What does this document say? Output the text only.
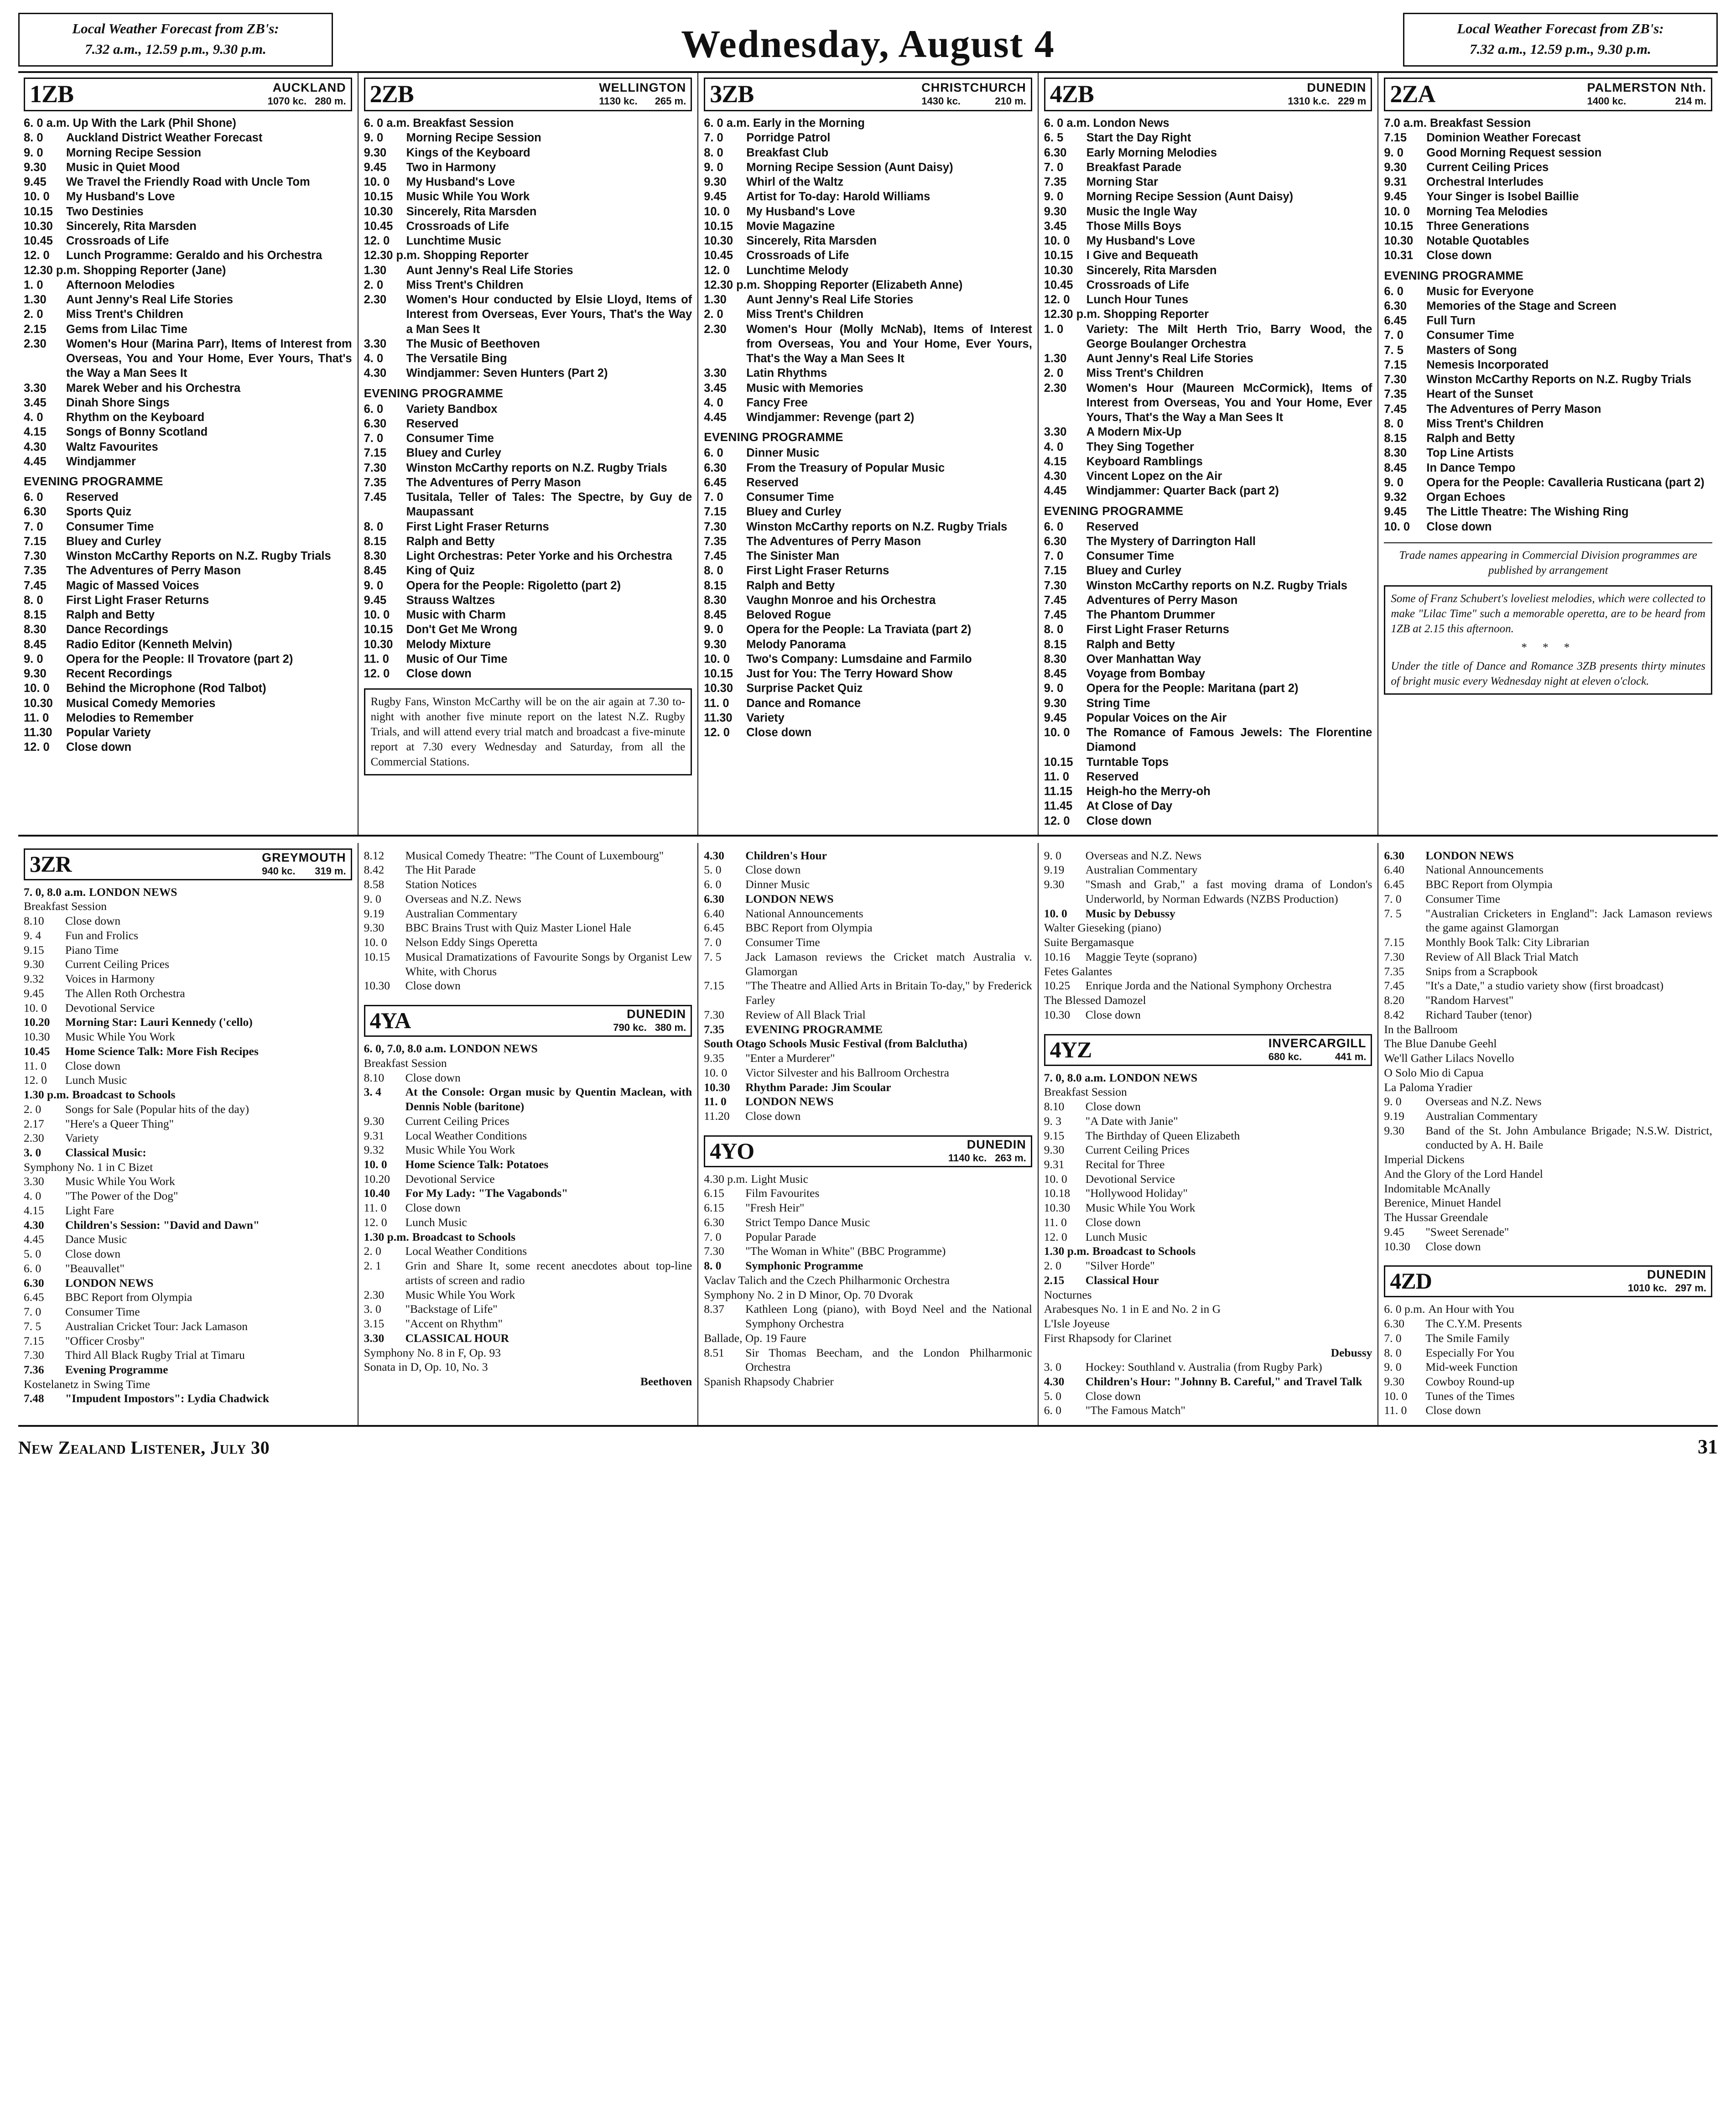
Local Weather Forecast from ZB's:
7.32 a.m., 12.59 p.m., 9.30 p.m.	Wednesday, August 4	Local Weather Forecast from ZB's:
7.32 a.m., 12.59 p.m., 9.30 p.m.
1ZB	AUCKLAND
1070 kc. 280 m.
6. 0 a.m. Up With the Lark (Phil Shone)
8. 0	Auckland District Weather Forecast
9. 0	Morning Recipe Session
9.30	Music in Quiet Mood
9.45	We Travel the Friendly Road with Uncle Tom
10. 0	My Husband's Love
10.15	Two Destinies
10.30	Sincerely, Rita Marsden
10.45	Crossroads of Life
12. 0	Lunch Programme: Geraldo and his Orchestra
12.30 p.m. Shopping Reporter (Jane)
1. 0	Afternoon Melodies
1.30	Aunt Jenny's Real Life Stories
2. 0	Miss Trent's Children
2.15	Gems from Lilac Time
2.30	Women's Hour (Marina Parr), Items of Interest from Overseas, You and Your Home, Ever Yours, That's the Way a Man Sees It
3.30	Marek Weber and his Orchestra
3.45	Dinah Shore Sings
4. 0	Rhythm on the Keyboard
4.15	Songs of Bonny Scotland
4.30	Waltz Favourites
4.45	Windjammer
EVENING PROGRAMME
6. 0	Reserved
6.30	Sports Quiz
7. 0	Consumer Time
7.15	Bluey and Curley
7.30	Winston McCarthy Reports on N.Z. Rugby Trials
7.35	The Adventures of Perry Mason
7.45	Magic of Massed Voices
8. 0	First Light Fraser Returns
8.15	Ralph and Betty
8.30	Dance Recordings
8.45	Radio Editor (Kenneth Melvin)
9. 0	Opera for the People: Il Trovatore (part 2)
9.30	Recent Recordings
10. 0	Behind the Microphone (Rod Talbot)
10.30	Musical Comedy Memories
11. 0	Melodies to Remember
11.30	Popular Variety
12. 0	Close down
2ZB	WELLINGTON
1130 kc. 265 m.
6. 0 a.m. Breakfast Session
9. 0	Morning Recipe Session
9.30	Kings of the Keyboard
9.45	Two in Harmony
10. 0	My Husband's Love
10.15	Music While You Work
10.30	Sincerely, Rita Marsden
10.45	Crossroads of Life
12. 0	Lunchtime Music
12.30 p.m. Shopping Reporter
1.30	Aunt Jenny's Real Life Stories
2. 0	Miss Trent's Children
2.30	Women's Hour conducted by Elsie Lloyd, Items of Interest from Overseas, Ever Yours, That's the Way a Man Sees It
3.30	The Music of Beethoven
4. 0	The Versatile Bing
4.30	Windjammer: Seven Hunters (Part 2)
EVENING PROGRAMME
6. 0	Variety Bandbox
6.30	Reserved
7. 0	Consumer Time
7.15	Bluey and Curley
7.30	Winston McCarthy reports on N.Z. Rugby Trials
7.35	The Adventures of Perry Mason
7.45	Tusitala, Teller of Tales: The Spectre, by Guy de Maupassant
8. 0	First Light Fraser Returns
8.15	Ralph and Betty
8.30	Light Orchestras: Peter Yorke and his Orchestra
8.45	King of Quiz
9. 0	Opera for the People: Rigoletto (part 2)
9.45	Strauss Waltzes
10. 0	Music with Charm
10.15	Don't Get Me Wrong
10.30	Melody Mixture
11. 0	Music of Our Time
12. 0	Close down
Rugby Fans, Winston McCarthy will be on the air again at 7.30 to-night with another five minute report on the latest N.Z. Rugby Trials, and will attend every trial match and broadcast a five-minute report at 7.30 every Wednesday and Saturday, from all the Commercial Stations.
3ZB	CHRISTCHURCH
1430 kc.	210 m.
6. 0 a.m. Early in the Morning
7. 0	Porridge Patrol
8. 0	Breakfast Club
9. 0	Morning Recipe Session (Aunt Daisy)
9.30	Whirl of the Waltz
9.45	Artist for To-day: Harold Williams
10. 0	My Husband's Love
10.15	Movie Magazine
10.30	Sincerely, Rita Marsden
10.45	Crossroads of Life
12. 0	Lunchtime Melody
12.30 p.m. Shopping Reporter (Elizabeth Anne)
1.30	Aunt Jenny's Real Life Stories
2. 0	Miss Trent's Children
2.30	Women's Hour (Molly McNab), Items of Interest from Overseas, You and Your Home, Ever Yours, That's the Way a Man Sees It
3.30	Latin Rhythms
3.45	Music with Memories
4. 0	Fancy Free
4.45	Windjammer: Revenge (part 2)
EVENING PROGRAMME
6. 0	Dinner Music
6.30	From the Treasury of Popular Music
6.45	Reserved
7. 0	Consumer Time
7.15	Bluey and Curley
7.30	Winston McCarthy reports on N.Z. Rugby Trials
7.35	The Adventures of Perry Mason
7.45	The Sinister Man
8. 0	First Light Fraser Returns
8.15	Ralph and Betty
8.30	Vaughn Monroe and his Orchestra
8.45	Beloved Rogue
9. 0	Opera for the People: La Traviata (part 2)
9.30	Melody Panorama
10. 0	Two's Company: Lumsdaine and Farmilo
10.15	Just for You: The Terry Howard Show
10.30	Surprise Packet Quiz
11. 0	Dance and Romance
11.30	Variety
12. 0	Close down
4ZB	DUNEDIN
1310 k.c. 229 m
6. 0 a.m. London News
6. 5	Start the Day Right
6.30	Early Morning Melodies
7. 0	Breakfast Parade
7.35	Morning Star
9. 0	Morning Recipe Session (Aunt Daisy)
9.30	Music the Ingle Way
3.45	Those Mills Boys
10. 0	My Husband's Love
10.15	I Give and Bequeath
10.30	Sincerely, Rita Marsden
10.45	Crossroads of Life
12. 0	Lunch Hour Tunes
12.30 p.m. Shopping Reporter
1. 0	Variety: The Milt Herth Trio, Barry Wood, the George Boulanger Orchestra
1.30	Aunt Jenny's Real Life Stories
2. 0	Miss Trent's Children
2.30	Women's Hour (Maureen McCormick), Items of Interest from Overseas, You and Your Home, Ever Yours, That's the Way a Man Sees It
3.30	A Modern Mix-Up
4. 0	They Sing Together
4.15	Keyboard Ramblings
4.30	Vincent Lopez on the Air
4.45	Windjammer: Quarter Back (part 2)
EVENING PROGRAMME
6. 0	Reserved
6.30	The Mystery of Darrington Hall
7. 0	Consumer Time
7.15	Bluey and Curley
7.30	Winston McCarthy reports on N.Z. Rugby Trials
7.45	Adventures of Perry Mason
7.45	The Phantom Drummer
8. 0	First Light Fraser Returns
8.15	Ralph and Betty
8.30	Over Manhattan Way
8.45	Voyage from Bombay
9. 0	Opera for the People: Maritana (part 2)
9.30	String Time
9.45	Popular Voices on the Air
10. 0	The Romance of Famous Jewels: The Florentine Diamond
10.15	Turntable Tops
11. 0	Reserved
11.15	Heigh-ho the Merry-oh
11.45	At Close of Day
12. 0	Close down
2ZA	PALMERSTON Nth.
1400 kc.	214 m.
7.0 a.m. Breakfast Session
7.15	Dominion Weather Forecast
9. 0	Good Morning Request session
9.30	Current Ceiling Prices
9.31	Orchestral Interludes
9.45	Your Singer is Isobel Baillie
10. 0	Morning Tea Melodies
10.15	Three Generations
10.30	Notable Quotables
10.31	Close down
EVENING PROGRAMME
6. 0	Music for Everyone
6.30	Memories of the Stage and Screen
6.45	Full Turn
7. 0	Consumer Time
7. 5	Masters of Song
7.15	Nemesis Incorporated
7.30	Winston McCarthy Reports on N.Z. Rugby Trials
7.35	Heart of the Sunset
7.45	The Adventures of Perry Mason
8. 0	Miss Trent's Children
8.15	Ralph and Betty
8.30	Top Line Artists
8.45	In Dance Tempo
9. 0	Opera for the People: Cavalleria Rusticana (part 2)
9.32	Organ Echoes
9.45	The Little Theatre: The Wishing Ring
10. 0	Close down
Trade names appearing in Commercial Division programmes are published by arrangement
Some of Franz Schubert's loveliest melodies, which were collected to make "Lilac Time" such a memorable operetta, are to be heard from 1ZB at 2.15 this afternoon.
* * *
Under the title of Dance and Romance 3ZB presents thirty minutes of bright music every Wednesday night at eleven o'clock.
3ZR	GREYMOUTH
940 kc. 319 m.
7. 0, 8.0 a.m. LONDON NEWS
Breakfast Session
8.10	Close down
9. 4	Fun and Frolics
9.15	Piano Time
9.30	Current Ceiling Prices
9.32	Voices in Harmony
9.45	The Allen Roth Orchestra
10. 0	Devotional Service
10.20	Morning Star: Lauri Kennedy ('cello)
10.30	Music While You Work
10.45	Home Science Talk: More Fish Recipes
11. 0	Close down
12. 0	Lunch Music
1.30 p.m. Broadcast to Schools
2. 0	Songs for Sale (Popular hits of the day)
2.17	"Here's a Queer Thing"
2.30	Variety
3. 0	Classical Music:
Symphony No. 1 in C Bizet
3.30	Music While You Work
4. 0	"The Power of the Dog"
4.15	Light Fare
4.30	Children's Session: "David and Dawn"
4.45	Dance Music
5. 0	Close down
6. 0	"Beauvallet"
6.30	LONDON NEWS
6.45	BBC Report from Olympia
7. 0	Consumer Time
7. 5	Australian Cricket Tour: Jack Lamason
7.15	"Officer Crosby"
7.30	Third All Black Rugby Trial at Timaru
7.36	Evening Programme
Kostelanetz in Swing Time
7.48	"Impudent Impostors": Lydia Chadwick
8.12	Musical Comedy Theatre: "The Count of Luxembourg"
8.42	The Hit Parade
8.58	Station Notices
9. 0	Overseas and N.Z. News
9.19	Australian Commentary
9.30	BBC Brains Trust with Quiz Master Lionel Hale
10. 0	Nelson Eddy Sings Operetta
10.15	Musical Dramatizations of Favourite Songs by Organist Lew White, with Chorus
10.30	Close down
4YA	DUNEDIN
790 kc. 380 m.
6. 0, 7.0, 8.0 a.m. LONDON NEWS
Breakfast Session
8.10	Close down
3. 4	At the Console: Organ music by Quentin Maclean, with Dennis Noble (baritone)
9.30	Current Ceiling Prices
9.31	Local Weather Conditions
9.32	Music While You Work
10. 0	Home Science Talk: Potatoes
10.20	Devotional Service
10.40	For My Lady: "The Vagabonds"
11. 0	Close down
12. 0	Lunch Music
1.30 p.m. Broadcast to Schools
2. 0	Local Weather Conditions
2. 1	Grin and Share It, some recent anecdotes about top-line artists of screen and radio
2.30	Music While You Work
3. 0	"Backstage of Life"
3.15	"Accent on Rhythm"
3.30	CLASSICAL HOUR
Symphony No. 8 in F, Op. 93
Sonata in D, Op. 10, No. 3
Beethoven
4.30	Children's Hour
5. 0	Close down
6. 0	Dinner Music
6.30	LONDON NEWS
6.40	National Announcements
6.45	BBC Report from Olympia
7. 0	Consumer Time
7. 5	Jack Lamason reviews the Cricket match Australia v. Glamorgan
7.15	"The Theatre and Allied Arts in Britain To-day," by Frederick Farley
7.30	Review of All Black Trial
7.35	EVENING PROGRAMME
South Otago Schools Music Festival (from Balclutha)
9.35	"Enter a Murderer"
10. 0	Victor Silvester and his Ballroom Orchestra
10.30	Rhythm Parade: Jim Scoular
11. 0	LONDON NEWS
11.20	Close down
4YO	DUNEDIN
1140 kc. 263 m.
4.30 p.m. Light Music
6.15	Film Favourites
6.15	"Fresh Heir"
6.30	Strict Tempo Dance Music
7. 0	Popular Parade
7.30	"The Woman in White" (BBC Programme)
8. 0	Symphonic Programme
Vaclav Talich and the Czech Philharmonic Orchestra
Symphony No. 2 in D Minor, Op. 70 Dvorak
8.37	Kathleen Long (piano), with Boyd Neel and the National Symphony Orchestra
Ballade, Op. 19 Faure
8.51	Sir Thomas Beecham, and the London Philharmonic Orchestra
Spanish Rhapsody Chabrier
9. 0	Overseas and N.Z. News
9.19	Australian Commentary
9.30	"Smash and Grab," a fast moving drama of London's Underworld, by Norman Edwards (NZBS Production)
10. 0	Music by Debussy
Walter Gieseking (piano)
Suite Bergamasque
10.16	Maggie Teyte (soprano)
Fetes Galantes
10.25	Enrique Jorda and the National Symphony Orchestra
The Blessed Damozel
10.30	Close down
4YZ	INVERCARGILL
680 kc.	441 m.
7. 0, 8.0 a.m. LONDON NEWS
Breakfast Session
8.10	Close down
9. 3	"A Date with Janie"
9.15	The Birthday of Queen Elizabeth
9.30	Current Ceiling Prices
9.31	Recital for Three
10. 0	Devotional Service
10.18	"Hollywood Holiday"
10.30	Music While You Work
11. 0	Close down
12. 0	Lunch Music
1.30 p.m. Broadcast to Schools
2. 0	"Silver Horde"
2.15	Classical Hour
Nocturnes
Arabesques No. 1 in E and No. 2 in G
L'Isle Joyeuse
First Rhapsody for Clarinet
Debussy
3. 0	Hockey: Southland v. Australia (from Rugby Park)
4.30	Children's Hour: "Johnny B. Careful," and Travel Talk
5. 0	Close down
6. 0	"The Famous Match"
6.30	LONDON NEWS
6.40	National Announcements
6.45	BBC Report from Olympia
7. 0	Consumer Time
7. 5	"Australian Cricketers in England": Jack Lamason reviews the game against Glamorgan
7.15	Monthly Book Talk: City Librarian
7.30	Review of All Black Trial Match
7.35	Snips from a Scrapbook
7.45	"It's a Date," a studio variety show (first broadcast)
8.20	"Random Harvest"
8.42	Richard Tauber (tenor)
In the Ballroom
The Blue Danube Geehl
We'll Gather Lilacs Novello
O Solo Mio di Capua
La Paloma Yradier
9. 0	Overseas and N.Z. News
9.19	Australian Commentary
9.30	Band of the St. John Ambulance Brigade; N.S.W. District, conducted by A. H. Baile
Imperial Dickens
And the Glory of the Lord Handel
Indomitable McAnally
Berenice, Minuet Handel
The Hussar Greendale
9.45	"Sweet Serenade"
10.30	Close down
4ZD	DUNEDIN
1010 kc. 297 m.
6. 0 p.m. An Hour with You
6.30	The C.Y.M. Presents
7. 0	The Smile Family
8. 0	Especially For You
9. 0	Mid-week Function
9.30	Cowboy Round-up
10. 0	Tunes of the Times
11. 0	Close down
New Zealand Listener, July 30	31
